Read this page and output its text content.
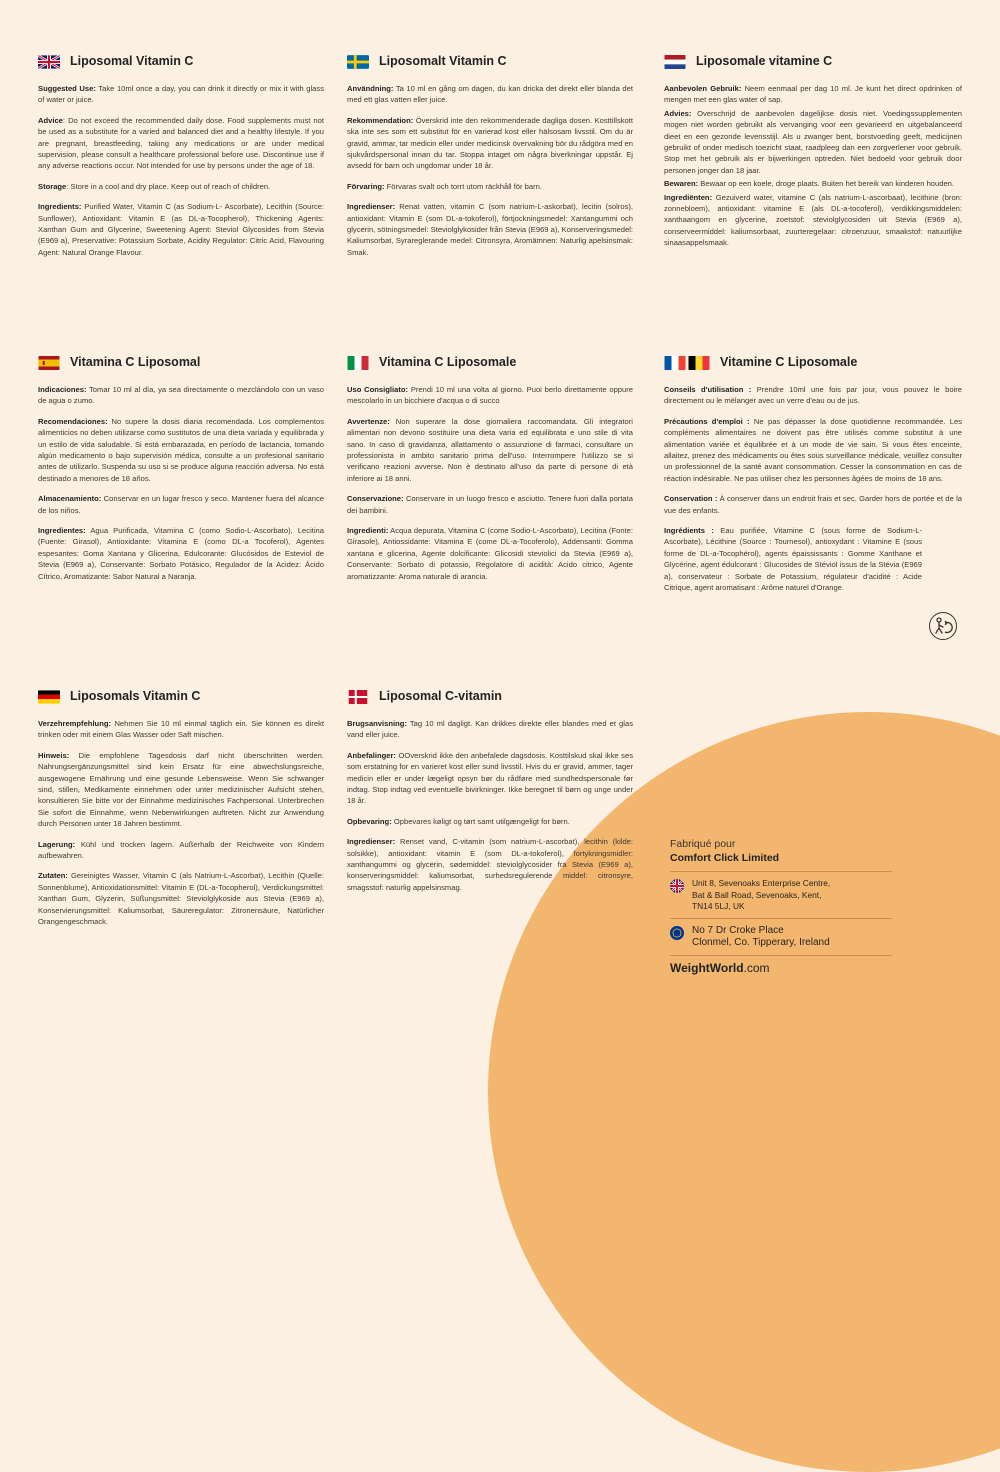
Liposomal Vitamin C

Suggested Use: Take 10ml once a day, you can drink it directly or mix it with glass of water or juice.

Advice: Do not exceed the recommended daily dose. Food supplements must not be used as a substitute for a varied and balanced diet and a healthy lifestyle. If you are pregnant, breastfeeding, taking any medications or are under medical supervision, please consult a healthcare professional before use. Discontinue use if any adverse reactions occur. Not intended for use by persons under the age of 18.

Storage: Store in a cool and dry place. Keep out of reach of children.

Ingredients: Purified Water, Vitamin C (as Sodium-L- Ascorbate), Lecithin (Source: Sunflower), Antioxidant: Vitamin E (as DL-a-Tocopherol), Thickening Agents: Xanthan Gum and Glycerine, Sweetening Agent: Steviol Glycosides from Stevia (E969 a), Preservative: Potassium Sorbate, Acidity Regulator: Citric Acid, Flavouring Agent: Natural Orange Flavour.

Liposomalt Vitamin C

Användning: Ta 10 ml en gång om dagen, du kan dricka det direkt eller blanda det med ett glas vatten eller juice.

Rekommendation: Överskrid inte den rekommenderade dagliga dosen. Kosttillskott ska inte ses som ett substitut för en varierad kost eller hälsosam livsstil. Om du är gravid, ammar, tar medicin eller under medicinsk övervakning bör du rådgöra med en sjukvårdspersonal innan du tar. Stoppa intaget om några biverkningar uppstår. Ej avsedd för barn och ungdomar under 18 år.

Förvaring: Förvaras svalt och torrt utom räckhåll för barn.

Ingredienser: Renat vatten, vitamin C (som natrium-L-askorbat), lecitin (solros), antioxidant: Vitamin E (som DL-a-tokoferol), förtjockningsmedel: Xantangummi och glycerin, sötningsmedel: Steviolglykosider från Stevia (E969 a), Konserveringsmedel: Kaliumsorbat, Syrareglerande medel: Citronsyra, Aromämnen: Naturlig apelsinsmak: Smak.

Liposomale vitamine C

Aanbevolen Gebruik: Neem eenmaal per dag 10 ml. Je kunt het direct opdrinken of mengen met een glas water of sap.

Advies: Overschrijd de aanbevolen dagelijkse dosis niet. Voedingssupplementen mogen niet worden gebruikt als vervanging voor een gevarieerd en uitgebalanceerd dieet en een gezonde levensstijl. Als u zwanger bent, borstvoeding geeft, medicijnen gebruikt of onder medisch toezicht staat, raadpleeg dan een zorgverlener voor gebruik. Stop met het gebruik als er bijwerkingen optreden. Niet bedoeld voor gebruik door personen jonger dan 18 jaar.

Bewaren: Bewaar op een koele, droge plaats. Buiten het bereik van kinderen houden.

Ingrediënten: Gezuiverd water, vitamine C (als natrium-L-ascorbaat), lecithine (bron: zonnebloem), antioxidant: vitamine E (als DL-a-tocoferol), verdikkingsmiddelen: xanthaangom en glycerine, zoetstof: steviolglycosiden uit Stevia (E969 a), conserveermiddel: kaliumsorbaat, zuurteregelaar: citroenzuur, smaakstof: natuurlijke sinaasappelsmaak.

Vitamina C Liposomal

Indicaciones: Tomar 10 ml al día, ya sea directamente o mezclándolo con un vaso de agua o zumo.

Recomendaciones: No supere la dosis diaria recomendada. Los complementos alimenticios no deben utilizarse como sustitutos de una dieta variada y equilibrada y un estilo de vida saludable. Si está embarazada, en período de lactancia, tomando algún medicamento o bajo supervisión médica, consulte a un profesional sanitario antes de utilizarlo. Suspenda su uso si se produce alguna reacción adversa. No está destinado a menores de 18 años.

Almacenamiento: Conservar en un lugar fresco y seco. Mantener fuera del alcance de los niños.

Ingredientes: Agua Purificada, Vitamina C (como Sodio-L-Ascorbato), Lecitina (Fuente: Girasol), Antioxidante: Vitamina E (como DL-a Tocoferol), Agentes espesantes: Goma Xantana y Glicerina, Edulcorante: Glucósidos de Esteviol de Stevia (E969 a), Conservante: Sorbato Potásico, Regulador de la Acidez: Ácido Cítrico, Aromatizante: Sabor Natural a Naranja.

Vitamina C Liposomale

Uso Consigliato: Prendi 10 ml una volta al giorno. Puoi berlo direttamente oppure mescolarlo in un bicchiere d'acqua o di succo

Avvertenze: Non superare la dose giornaliera raccomandata. Gli integratori alimentari non devono sostituire una dieta varia ed equilibrata e uno stile di vita sano. In caso di gravidanza, allattamento o assunzione di farmaci, consultare un professionista in ambito sanitario prima dell'uso. Interrompere l'utilizzo se si verificano reazioni avverse. Non è destinato all'uso da parte di persone di età inferiore ai 18 anni.

Conservazione: Conservare in un luogo fresco e asciutto. Tenere fuori dalla portata dei bambini.

Ingredienti: Acqua depurata, Vitamina C (come Sodio-L-Ascorbato), Lecitina (Fonte: Girasole), Antiossidante: Vitamina E (come DL-a-Tocoferolo), Addensanti: Gomma xantana e glicerina, Agente dolcificante: Glicosidi steviolici da Stevia (E969 a), Conservante: Sorbato di potassio, Regolatore di acidità: Acido citrico, Agente aromatizzante: Aroma naturale di arancia.

Vitamine C Liposomale

Conseils d'utilisation : Prendre 10ml une fois par jour, vous pouvez le boire directement ou le mélanger avec un verre d'eau ou de jus.

Précautions d'emploi : Ne pas dépasser la dose quotidienne recommandée. Les compléments alimentaires ne doivent pas être utilisés comme substitut à une alimentation variée et équilibrée et à un mode de vie sain. Si vous êtes enceinte, allaitez, prenez des médicaments ou êtes sous surveillance médicale, veuillez consulter un professionnel de la santé avant consommation. Cesser la consommation en cas de réaction indésirable. Ne pas utiliser chez les personnes âgées de moins de 18 ans.

Conservation : À conserver dans un endroit frais et sec. Garder hors de portée et de la vue des enfants.

Ingrédients : Eau purifiée, Vitamine C (sous forme de Sodium-L-Ascorbate), Lécithine (Source : Tournesol), antioxydant : Vitamine E (sous forme de DL-a-Tocophérol), agents épaississants : Gomme Xanthane et Glycérine, agent édulcorant : Glucosides de Stéviol issus de la Stévia (E969 a), conservateur : Sorbate de Potassium, régulateur d'acidité : Acide Citrique, agent aromatisant : Arôme naturel d'Orange.

Liposomals Vitamin C

Verzehrempfehlung: Nehmen Sie 10 ml einmal täglich ein. Sie können es direkt trinken oder mit einem Glas Wasser oder Saft mischen.

Hinweis: Die empfohlene Tagesdosis darf nicht überschritten werden. Nahrungsergänzungsmittel sind kein Ersatz für eine abwechslungsreiche, ausgewogene Ernährung und eine gesunde Lebensweise. Wenn Sie schwanger sind, stillen, Medikamente einnehmen oder unter medizinischer Aufsicht stehen, konsultieren Sie bitte vor der Einnahme medizinisches Fachpersonal. Unterbrechen Sie sofort die Einnahme, wenn Nebenwirkungen auftreten. Nicht zur Anwendung durch Personen unter 18 Jahren bestimmt.

Lagerung: Kühl und trocken lagern. Außerhalb der Reichweite von Kindern aufbewahren.

Zutaten: Gereinigtes Wasser, Vitamin C (als Natrium-L-Ascorbat), Lecithin (Quelle: Sonnenblume), Antioxidationsmittel: Vitamin E (DL-a-Tocopherol), Verdickungsmittel: Xanthan Gum, Glyzerin, Süßungsmittel: Steviolglykoside aus Stevia (E969 a), Konservierungsmittel: Kaliumsorbat, Säureregulator: Zitronensäure, Natürlicher Orangengeschmack.

Liposomal C-vitamin

Brugsanvisning: Tag 10 ml dagligt. Kan drikkes direkte eller blandes med et glas vand eller juice.

Anbefalinger: OOverskrid ikke den anbefalede dagsdosis. Kosttilskud skal ikke ses som erstatning for en varieret kost eller sund livsstil. Hvis du er gravid, ammer, tager medicin eller er under lægeligt opsyn bør du rådføre med sundhedspersonale før indtag. Stop indtag ved eventuelle bivirkninger. Ikke beregnet til børn og unge under 18 år.

Opbevaring: Opbevares køligt og tørt samt utilgængeligt for børn.

Ingredienser: Renset vand, C-vitamin (som natrium-L-ascorbat), lecithin (kilde: solsikke), antioxidant: vitamin E (som DL-a-tokoferol), fortykningsmidler: xanthangummi og glycerin, sødemiddel: steviolglycosider fra Stevia (E969 a), konserveringsmiddel: kaliumsorbat, surhedsregulerende middel: citronsyre, smagsstof: naturlig appelsinsmag.

Fabriqué pour
Comfort Click Limited
Unit 8, Sevenoaks Enterprise Centre,
Bat & Ball Road, Sevenoaks, Kent,
TN14 5LJ, UK
No 7 Dr Croke Place
Clonmel, Co. Tipperary, Ireland
WeightWorld.com
